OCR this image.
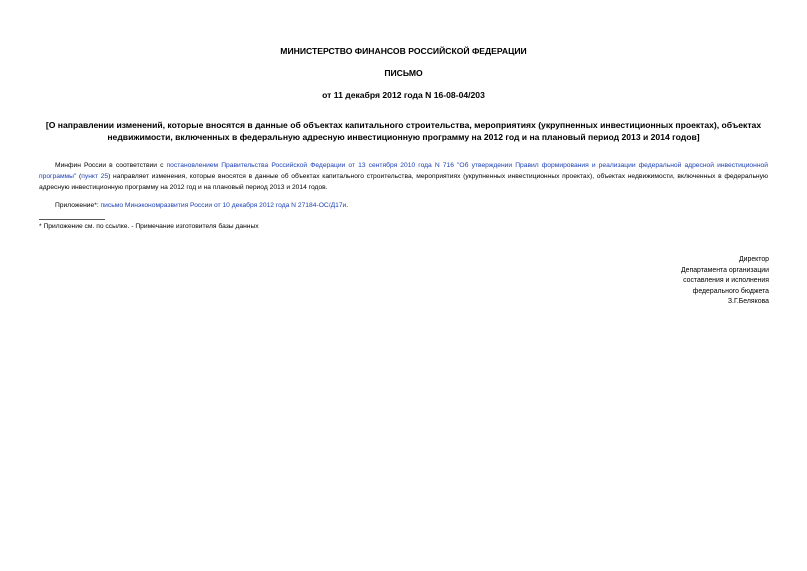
МИНИСТЕРСТВО ФИНАНСОВ РОССИЙСКОЙ ФЕДЕРАЦИИ

ПИСЬМО

от 11 декабря 2012 года N 16-08-04/203

[О направлении изменений, которые вносятся в данные об объектах капитального строительства, мероприятиях (укрупненных инвестиционных проектах), объектах недвижимости, включенных в федеральную адресную инвестиционную программу на 2012 год и на плановый период 2013 и 2014 годов]

Минфин России в соответствии с постановлением Правительства Российской Федерации от 13 сентября 2010 года N 716 "Об утверждении Правил формирования и реализации федеральной адресной инвестиционной программы" (пункт 25) направляет изменения, которые вносятся в данные об объектах капитального строительства, мероприятиях (укрупненных инвестиционных проектах), объектах недвижимости, включенных в федеральную адресную инвестиционную программу на 2012 год и на плановый период 2013 и 2014 годов.

Приложение*: письмо Минэкономразвития России от 10 декабря 2012 года N 27184-ОС/Д17и.

* Приложение см. по ссылке. - Примечание изготовителя базы данных

Директор
Департамента организации
составления и исполнения
федерального бюджета
З.Г.Белякова
